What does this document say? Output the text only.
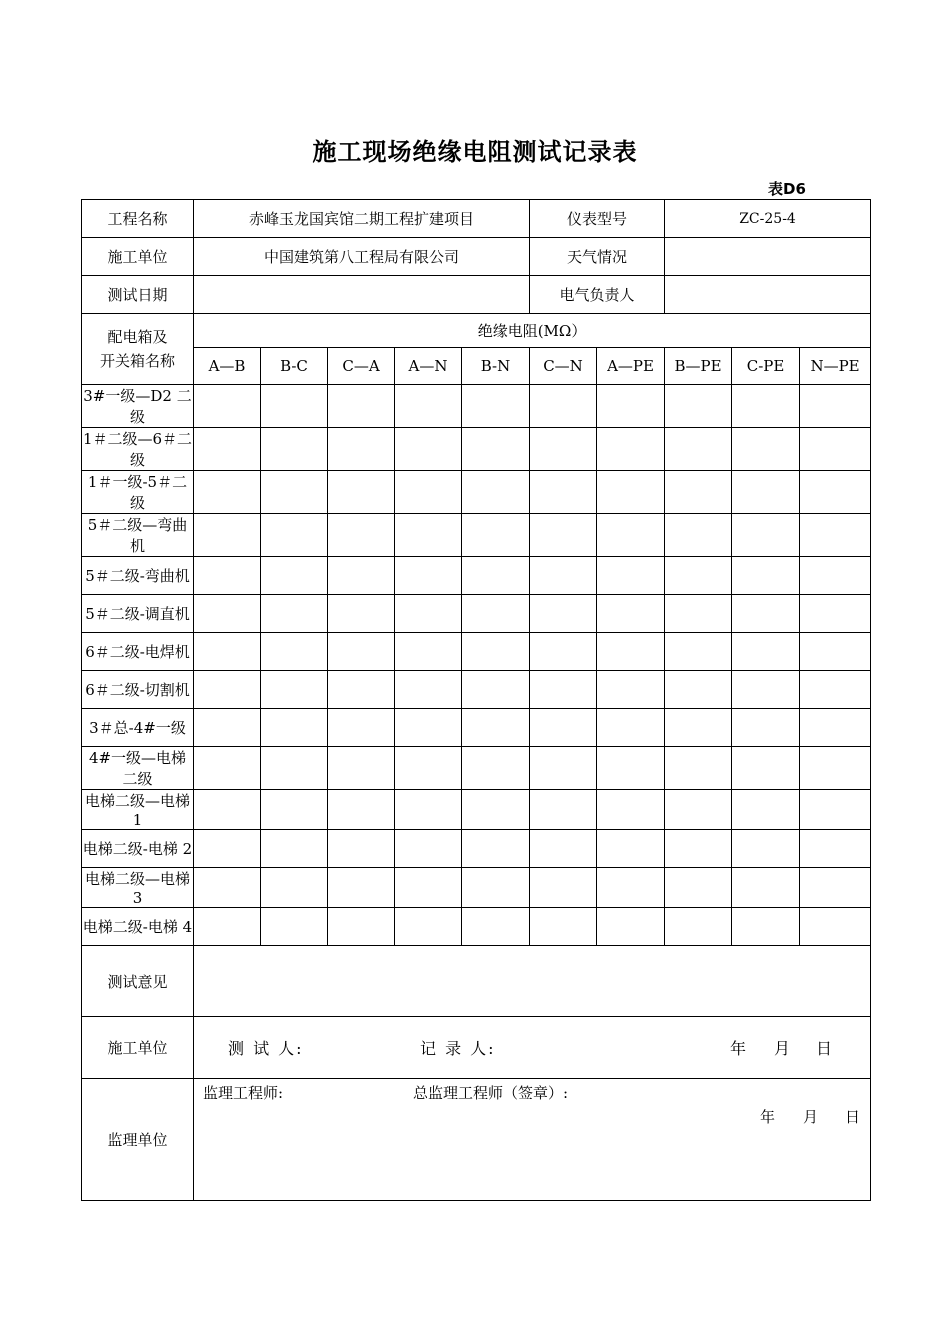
施工现场绝缘电阻测试记录表
表D6
工程名称	赤峰玉龙国宾馆二期工程扩建项目					仪表型号		ZC-25-4		
施工单位	中国建筑第八工程局有限公司					天气情况				
测试日期						电气负责人				

配电箱及
开关箱名称	绝缘电阻(MΩ）									
	A—B	B-C	C—A	A—N	B-N	C—N	A—PE	B—PE	C-PE	N—PE
3#一级—D2 二级										
1＃二级—6＃二级										
1＃一级-5＃二级										
5＃二级—弯曲机										
5＃二级-弯曲机										
5＃二级-调直机										
6＃二级-电焊机										
6＃二级-切割机										
3＃总-4#一级										
4#一级—电梯二级										
电梯二级—电梯 1										
电梯二级-电梯 2										
电梯二级—电梯 3										
电梯二级-电梯 4										
测试意见										
施工单位	测 试 人: 记 录 人: 年 月 日									

监理单位	监理工程师: 总监理工程师（签章）:
年 月 日									
